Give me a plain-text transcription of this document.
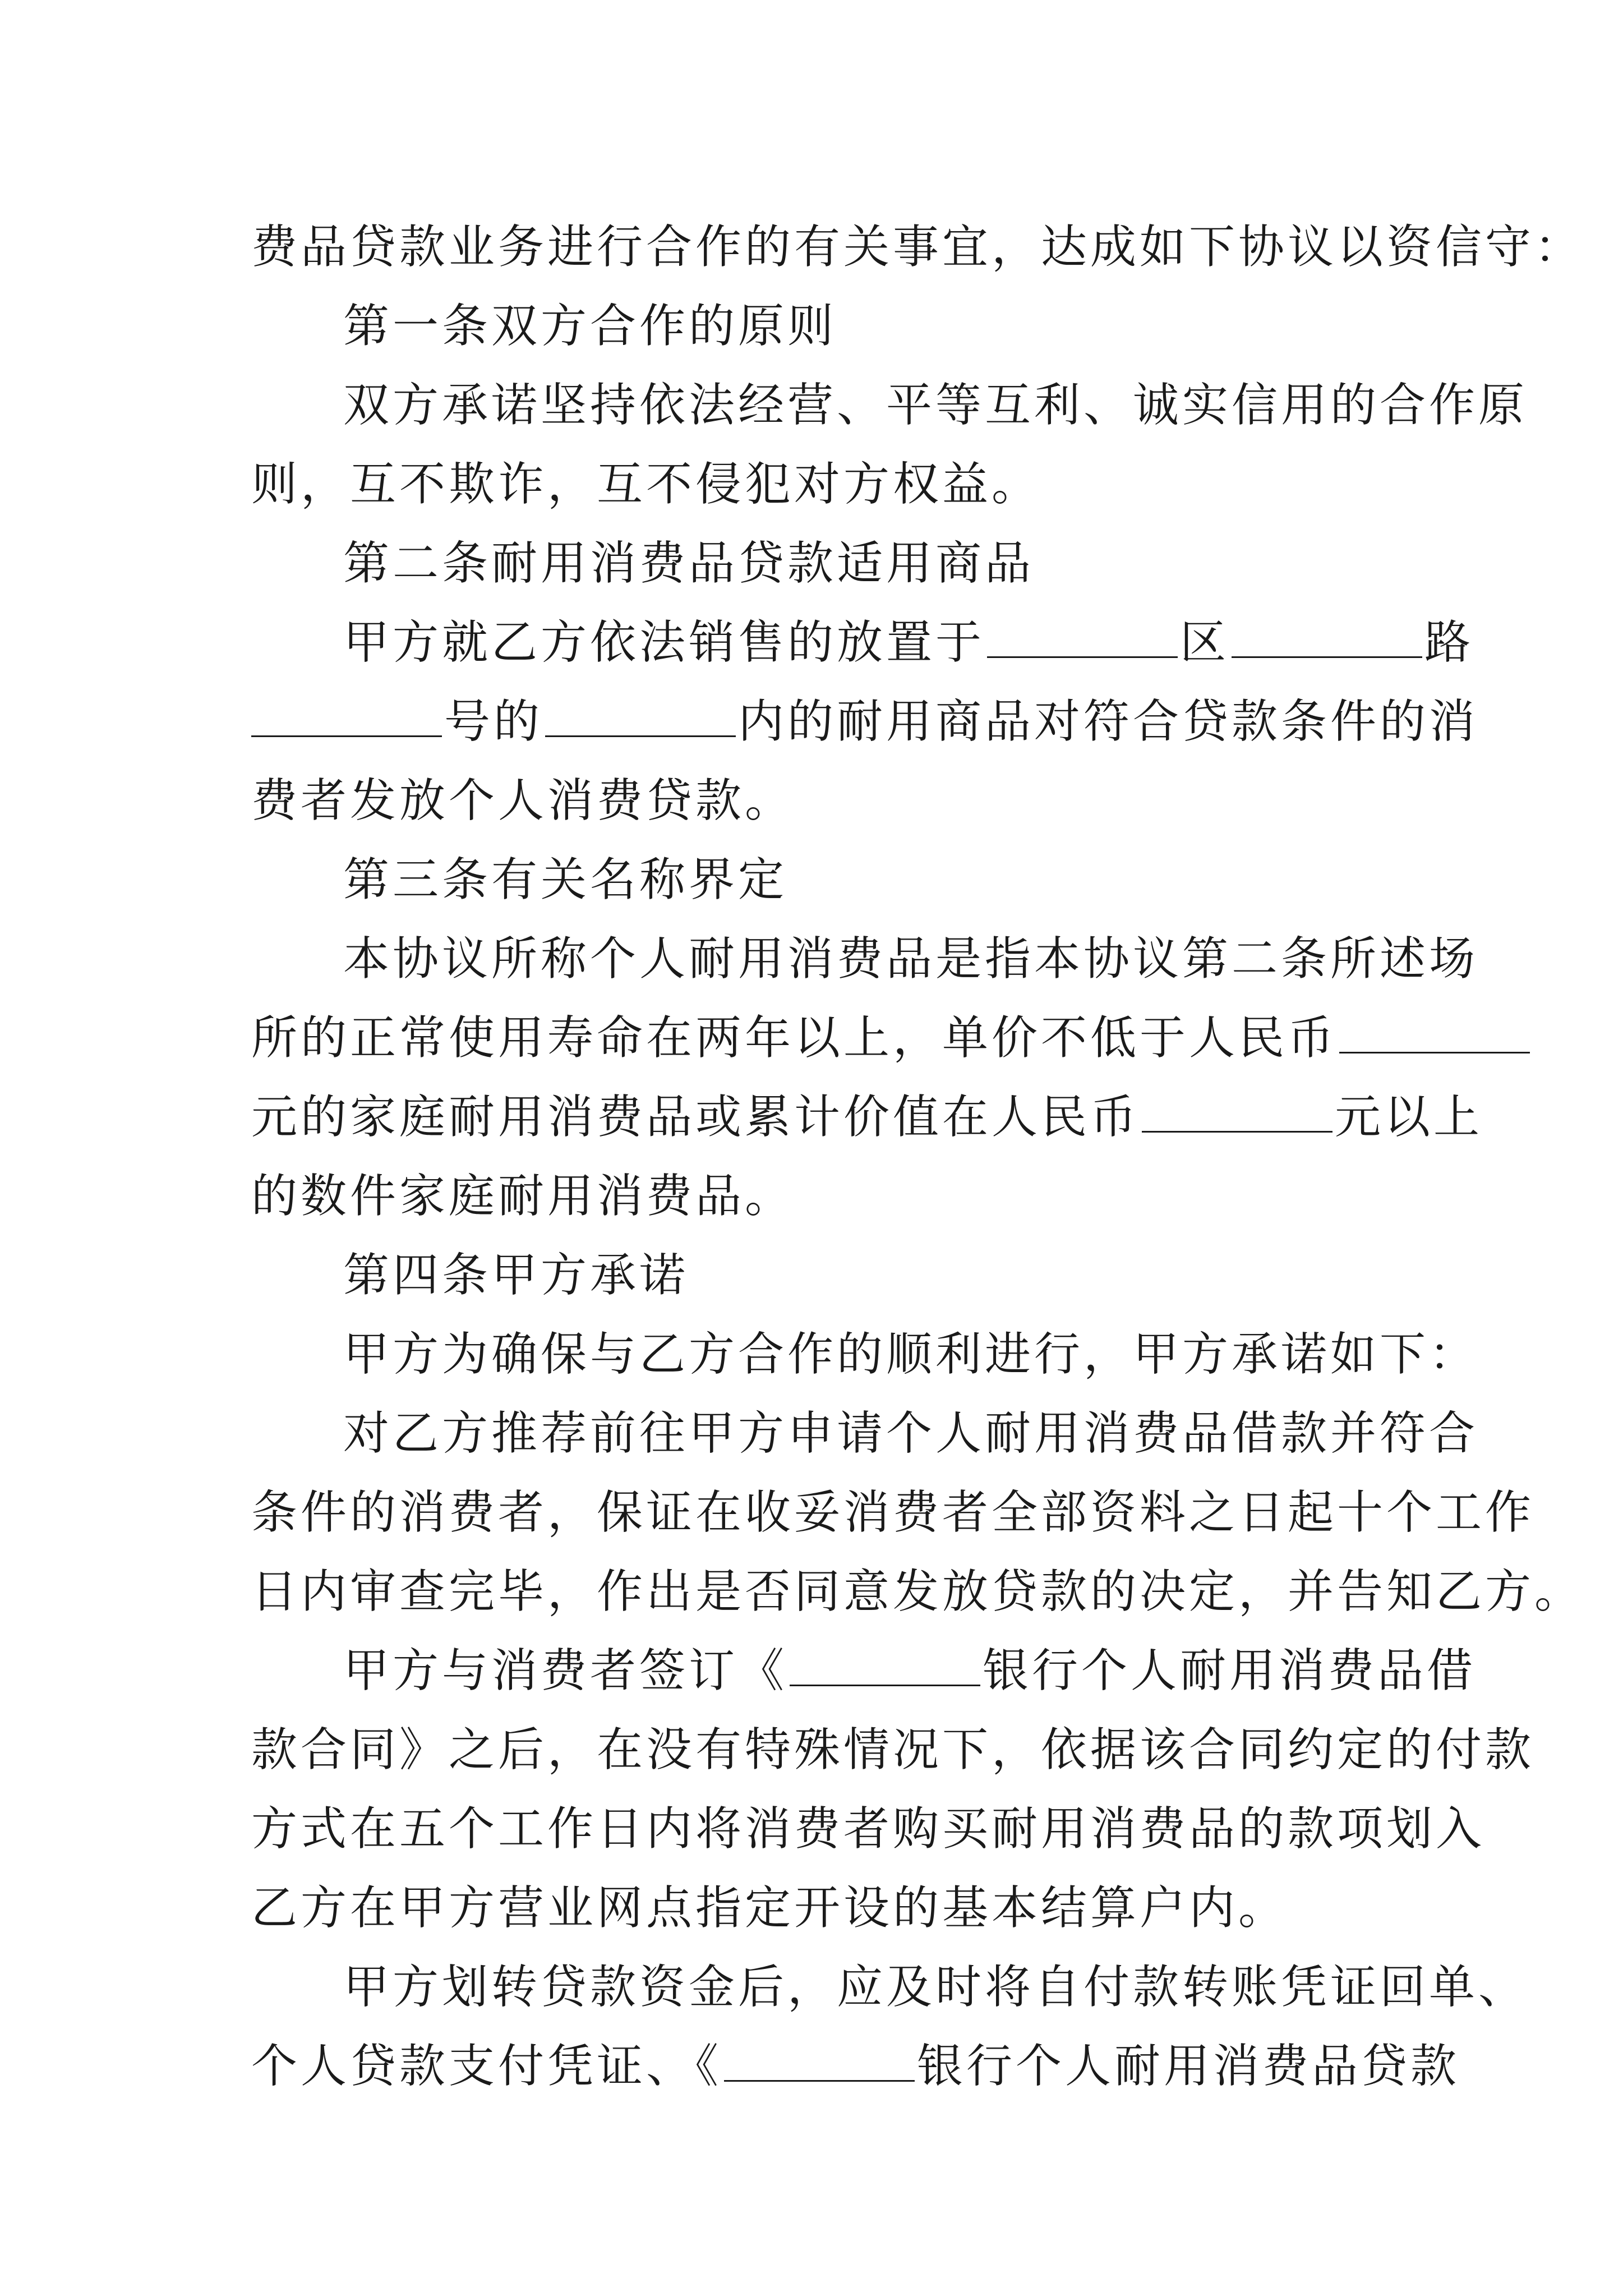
费品贷款业务进行合作的有关事宜，达成如下协议以资信守：
第一条双方合作的原则
双方承诺坚持依法经营、平等互利、诚实信用的合作原
则，互不欺诈，互不侵犯对方权益。
第二条耐用消费品贷款适用商品
甲方就乙方依法销售的放置于	区	路
号的	内的耐用商品对符合贷款条件的消
费者发放个人消费贷款。
第三条有关名称界定
本协议所称个人耐用消费品是指本协议第二条所述场
所的正常使用寿命在两年以上，单价不低于人民币
元的家庭耐用消费品或累计价值在人民币	元以上
的数件家庭耐用消费品。
第四条甲方承诺
甲方为确保与乙方合作的顺利进行，甲方承诺如下：
对乙方推荐前往甲方申请个人耐用消费品借款并符合
条件的消费者，保证在收妥消费者全部资料之日起十个工作
日内审查完毕，作出是否同意发放贷款的决定，并告知乙方。
甲方与消费者签订《	银行个人耐用消费品借
款合同》之后，在没有特殊情况下，依据该合同约定的付款
方式在五个工作日内将消费者购买耐用消费品的款项划入
乙方在甲方营业网点指定开设的基本结算户内。
甲方划转贷款资金后，应及时将自付款转账凭证回单、
个人贷款支付凭证、《	银行个人耐用消费品贷款
